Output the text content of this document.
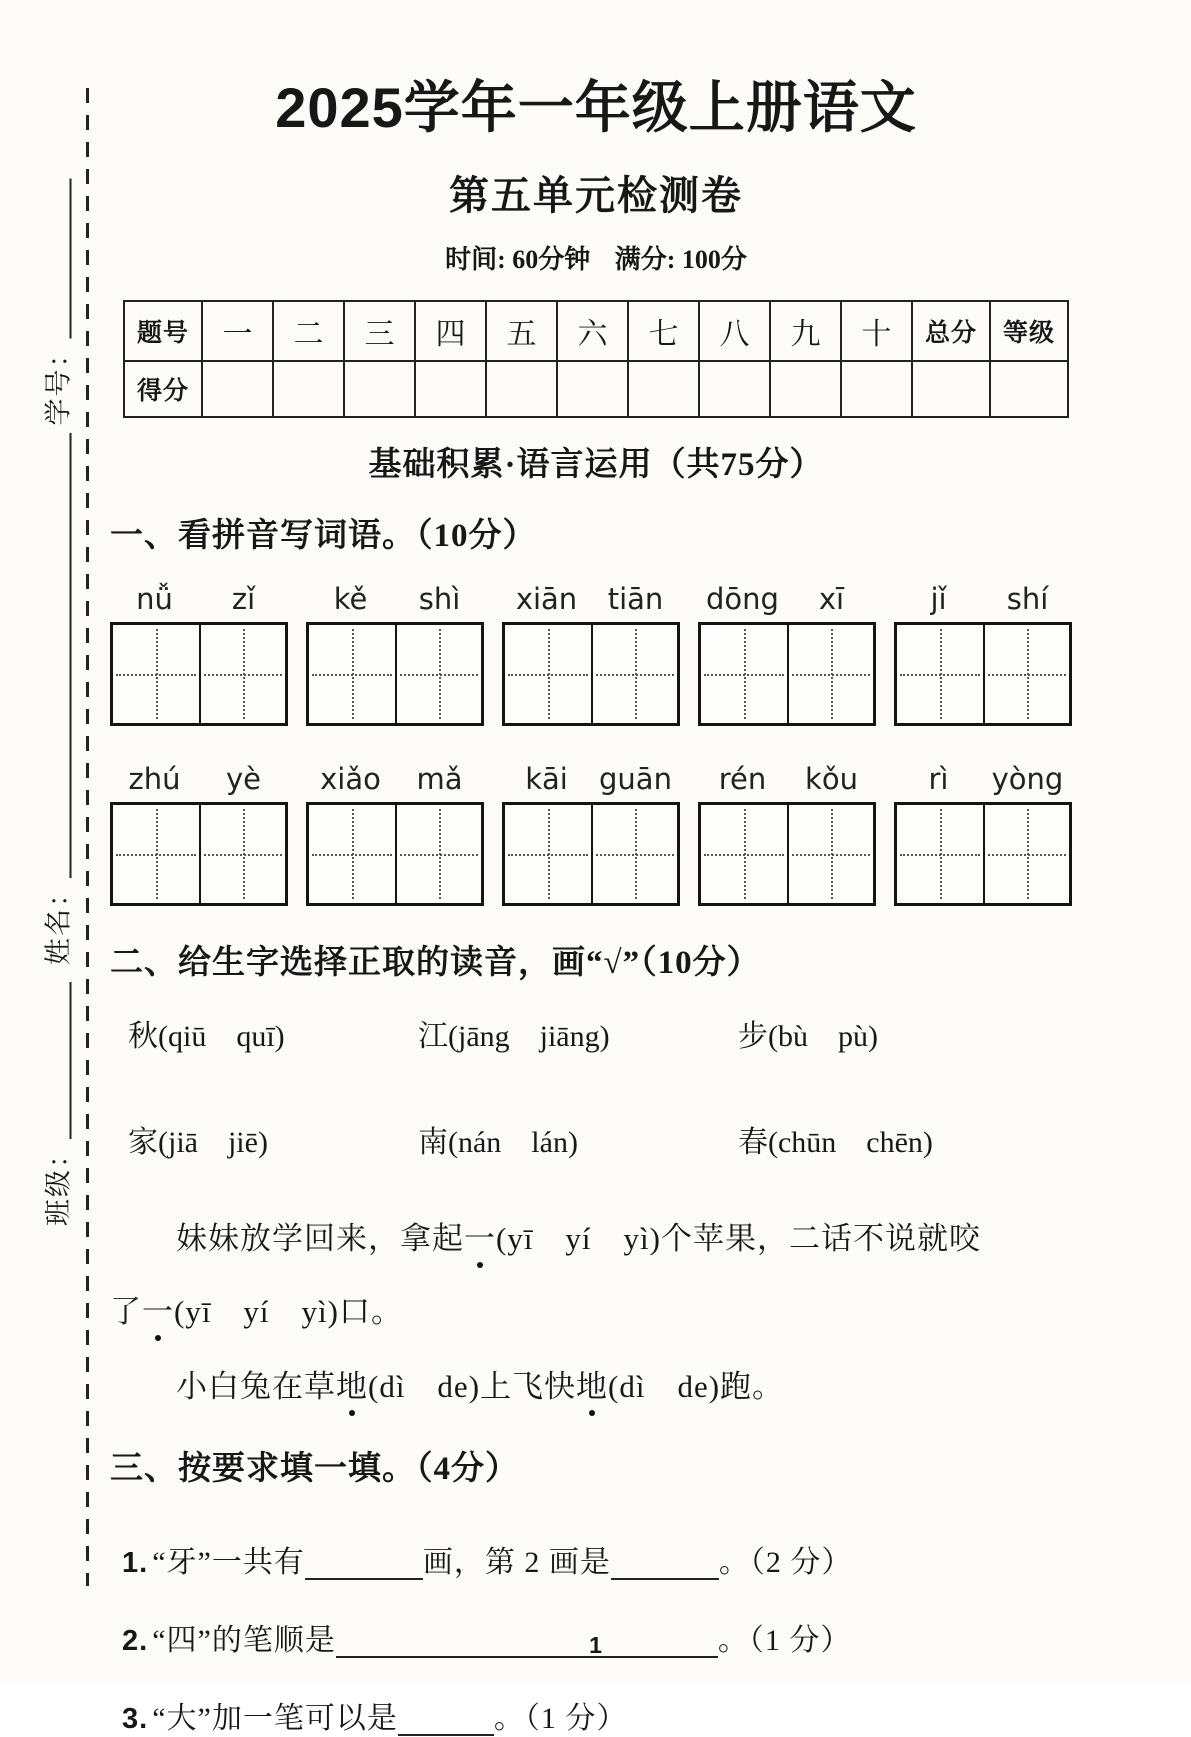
学号：
姓名：
班级：
2025学年一年级上册语文
第五单元检测卷
时间: 60分钟 满分: 100分
题号	一	二	三	四	五	六	七	八	九	十	总分	等级
得分												
基础积累·语言运用（共75分）
一、看拼音写词语。（10分）
nǚ	zǐ	kě	shì	xiān	tiān	dōng	xī	jǐ	shí
zhú	yè	xiǎo	mǎ	kāi	guān	rén	kǒu	rì	yòng
二、给生字选择正取的读音，画“√”（10分）
秋(qiū　quī)	江(jāng　jiāng)	步(bù　pù)
家(jiā　jiē)	南(nán　lán)	春(chūn　chēn)

妹妹放学回来，拿起一(yī　yí　yì)个苹果，二话不说就咬

了一(yī　yí　yì)口。

小白兔在草地(dì　de)上飞快地(dì　de)跑。

三、按要求填一填。（4分）
1. “牙”一共有	画，第 2 画是	。（2 分）
2. “四”的笔顺是	。（1 分）
3. “大”加一笔可以是	。（1 分）
1
